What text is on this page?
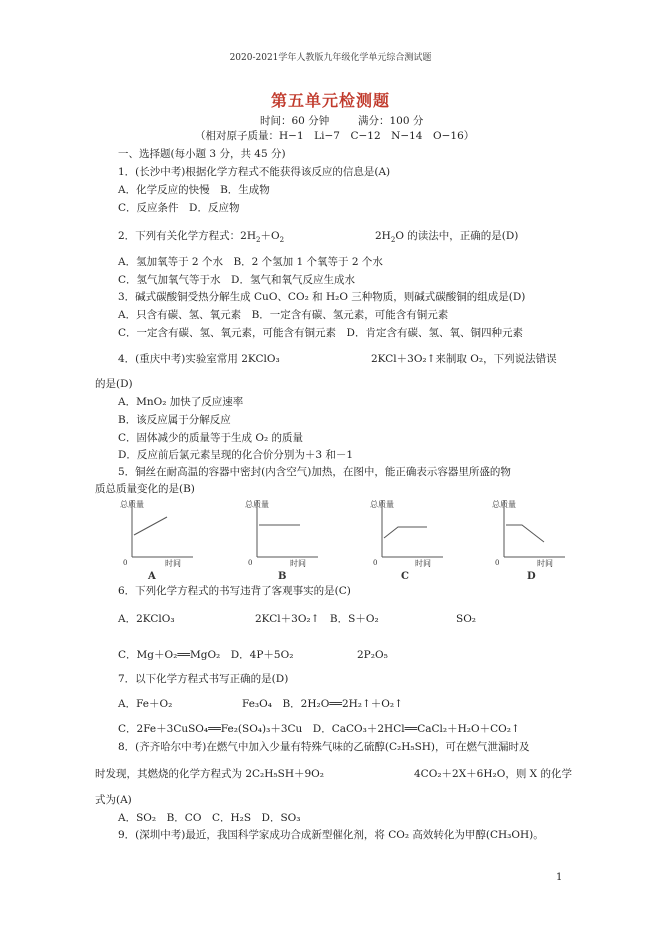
2020-2021学年人教版九年级化学单元综合测试题
第五单元检测题
时间：60 分钟	满分：100 分
（相对原子质量：H−1　Li−7　C−12　N−14　O−16）
一、选择题(每小题 3 分，共 45 分)
1．(长沙中考)根据化学方程式不能获得该反应的信息是(A)
A．化学反应的快慢　B．生成物
C．反应条件　D．反应物
2．下列有关化学方程式：$2H_2+O_2$	$2H_2O$ 的读法中，正确的是(D)
A．氢加氧等于 2 个水　B．2 个氢加 1 个氧等于 2 个水
C．氢气加氧气等于水　D．氢气和氧气反应生成水
3．碱式碳酸铜受热分解生成 CuO、CO₂ 和 H₂O 三种物质，则碱式碳酸铜的组成是(D)
A．只含有碳、氢、氧元素　B．一定含有碳、氢元素，可能含有铜元素
C．一定含有碳、氢、氧元素，可能含有铜元素　D．肯定含有碳、氢、氧、铜四种元素
4．(重庆中考)实验室常用 2KClO₃	2KCl＋3O₂↑来制取 O₂，下列说法错误
的是(D)
A．MnO₂ 加快了反应速率
B．该反应属于分解反应
C．固体减少的质量等于生成 O₂ 的质量
D．反应前后氯元素呈现的化合价分别为＋3 和－1
5．铜丝在耐高温的容器中密封(内含空气)加热，在图中，能正确表示容器里所盛的物
质总质量变化的是(B)
总质量
0	时间
A
总质量
0	时间
B
总质量
0	时间
C
总质量
0	时间
D
6．下列化学方程式的书写违背了客观事实的是(C)
A．2KClO₃	2KCl＋3O₂↑　B．S＋O₂	SO₂
C．Mg＋O₂══MgO₂　D．4P＋5O₂	2P₂O₅
7．以下化学方程式书写正确的是(D)
A．Fe＋O₂	Fe₃O₄　B．2H₂O══2H₂↑＋O₂↑
C．2Fe＋3CuSO₄══Fe₂(SO₄)₃＋3Cu　D．CaCO₃＋2HCl══CaCl₂＋H₂O＋CO₂↑
8．(齐齐哈尔中考)在燃气中加入少量有特殊气味的乙硫醇(C₂H₅SH)，可在燃气泄漏时及
时发现，其燃烧的化学方程式为 2C₂H₅SH＋9O₂	4CO₂＋2X＋6H₂O，则 X 的化学
式为(A)
A．SO₂　B．CO　C．H₂S　D．SO₃
9．(深圳中考)最近，我国科学家成功合成新型催化剂，将 CO₂ 高效转化为甲醇(CH₃OH)。
1
